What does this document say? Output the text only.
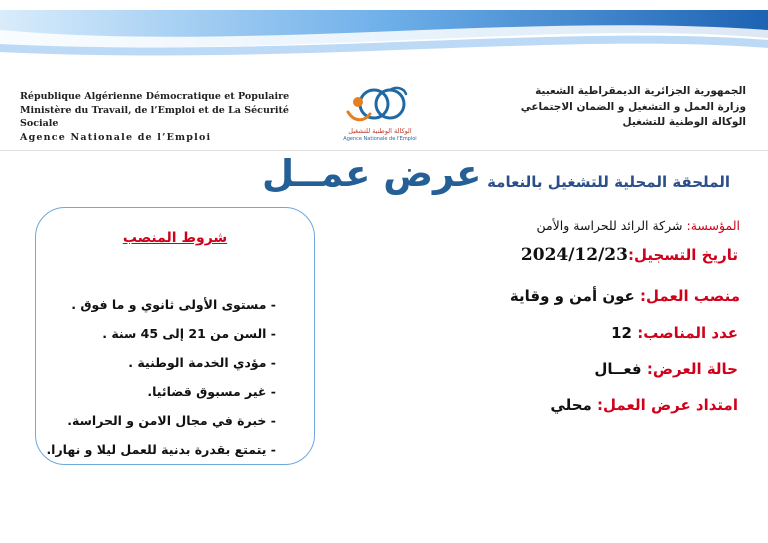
République Algérienne Démocratique et Populaire
Ministère du Travail, de l’Emploi et de La Sécurité Sociale
Agence Nationale de l’Emploi
الوكالة الوطنية للتشغيل
Agence Nationale de l'Emploi
الجمهورية الجزائرية الديمقراطية الشعبية
وزارة العمل و التشغيل و الضمان الاجتماعي
الوكالة الوطنية للتشغيل
الملحقة المحلية للتشغيل بالنعامة
عرض عمــل
شروط المنصب
- مستوى الأولى ثانوي و ما فوق .
- السن من 21 إلى 45 سنة .
- مؤدي الخدمة الوطنية .
- غير مسبوق قضائيا.
- خبرة في مجال الامن و الحراسة.
- يتمتع بقدرة بدنية للعمل ليلا و نهارا.
المؤسسة: شركة الرائد للحراسة والأمن
تاريخ التسجيل:2024/12/23
منصب العمل: عون أمن و وقاية
عدد المناصب: 12
حالة العرض: فعــال
امتداد عرض العمل: محلي
